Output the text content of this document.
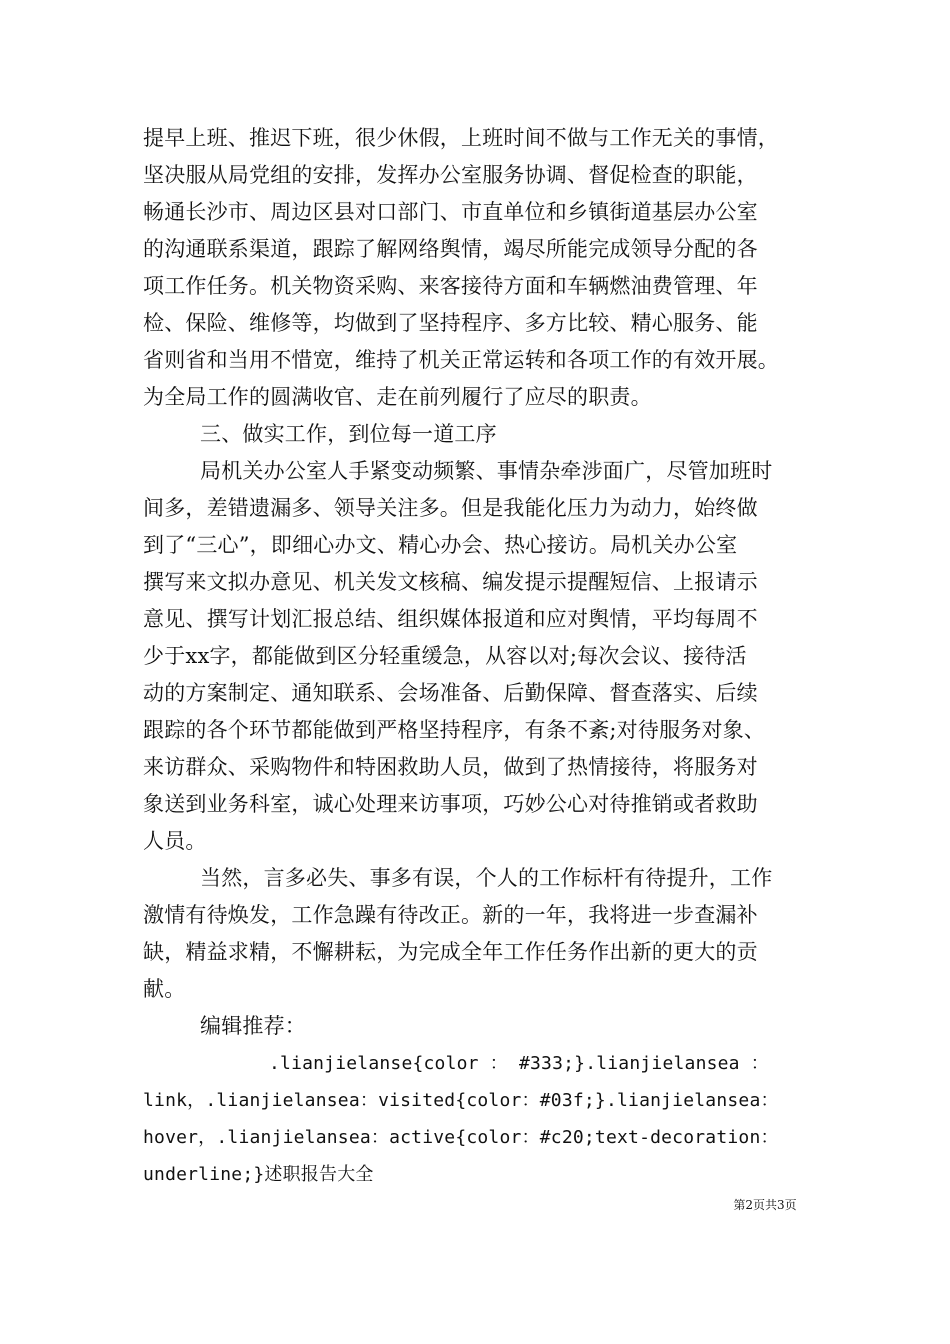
提早上班、推迟下班，很少休假，上班时间不做与工作无关的事情，
坚决服从局党组的安排，发挥办公室服务协调、督促检查的职能，
畅通长沙市、周边区县对口部门、市直单位和乡镇街道基层办公室
的沟通联系渠道，跟踪了解网络舆情，竭尽所能完成领导分配的各
项工作任务。机关物资采购、来客接待方面和车辆燃油费管理、年
检、保险、维修等，均做到了坚持程序、多方比较、精心服务、能
省则省和当用不惜宽，维持了机关正常运转和各项工作的有效开展。
为全局工作的圆满收官、走在前列履行了应尽的职责。
三、做实工作，到位每一道工序
局机关办公室人手紧变动频繁、事情杂牵涉面广，尽管加班时
间多，差错遗漏多、领导关注多。但是我能化压力为动力，始终做
到了“三心”，即细心办文、精心办会、热心接访。局机关办公室
撰写来文拟办意见、机关发文核稿、编发提示提醒短信、上报请示
意见、撰写计划汇报总结、组织媒体报道和应对舆情，平均每周不
少于xx字，都能做到区分轻重缓急，从容以对;每次会议、接待活
动的方案制定、通知联系、会场准备、后勤保障、督查落实、后续
跟踪的各个环节都能做到严格坚持程序，有条不紊;对待服务对象、
来访群众、采购物件和特困救助人员，做到了热情接待，将服务对
象送到业务科室，诚心处理来访事项，巧妙公心对待推销或者救助
人员。
当然，言多必失、事多有误，个人的工作标杆有待提升，工作
激情有待焕发，工作急躁有待改正。新的一年，我将进一步查漏补
缺，精益求精，不懈耕耘，为完成全年工作任务作出新的更大的贡
献。
编辑推荐：
.lianjielanse{color ： #333;}.lianjielansea ：
link，.lianjielansea：visited{color：#03f;}.lianjielansea：
hover，.lianjielansea：active{color：#c20;text-decoration：
underline;}述职报告大全
第2页共3页
